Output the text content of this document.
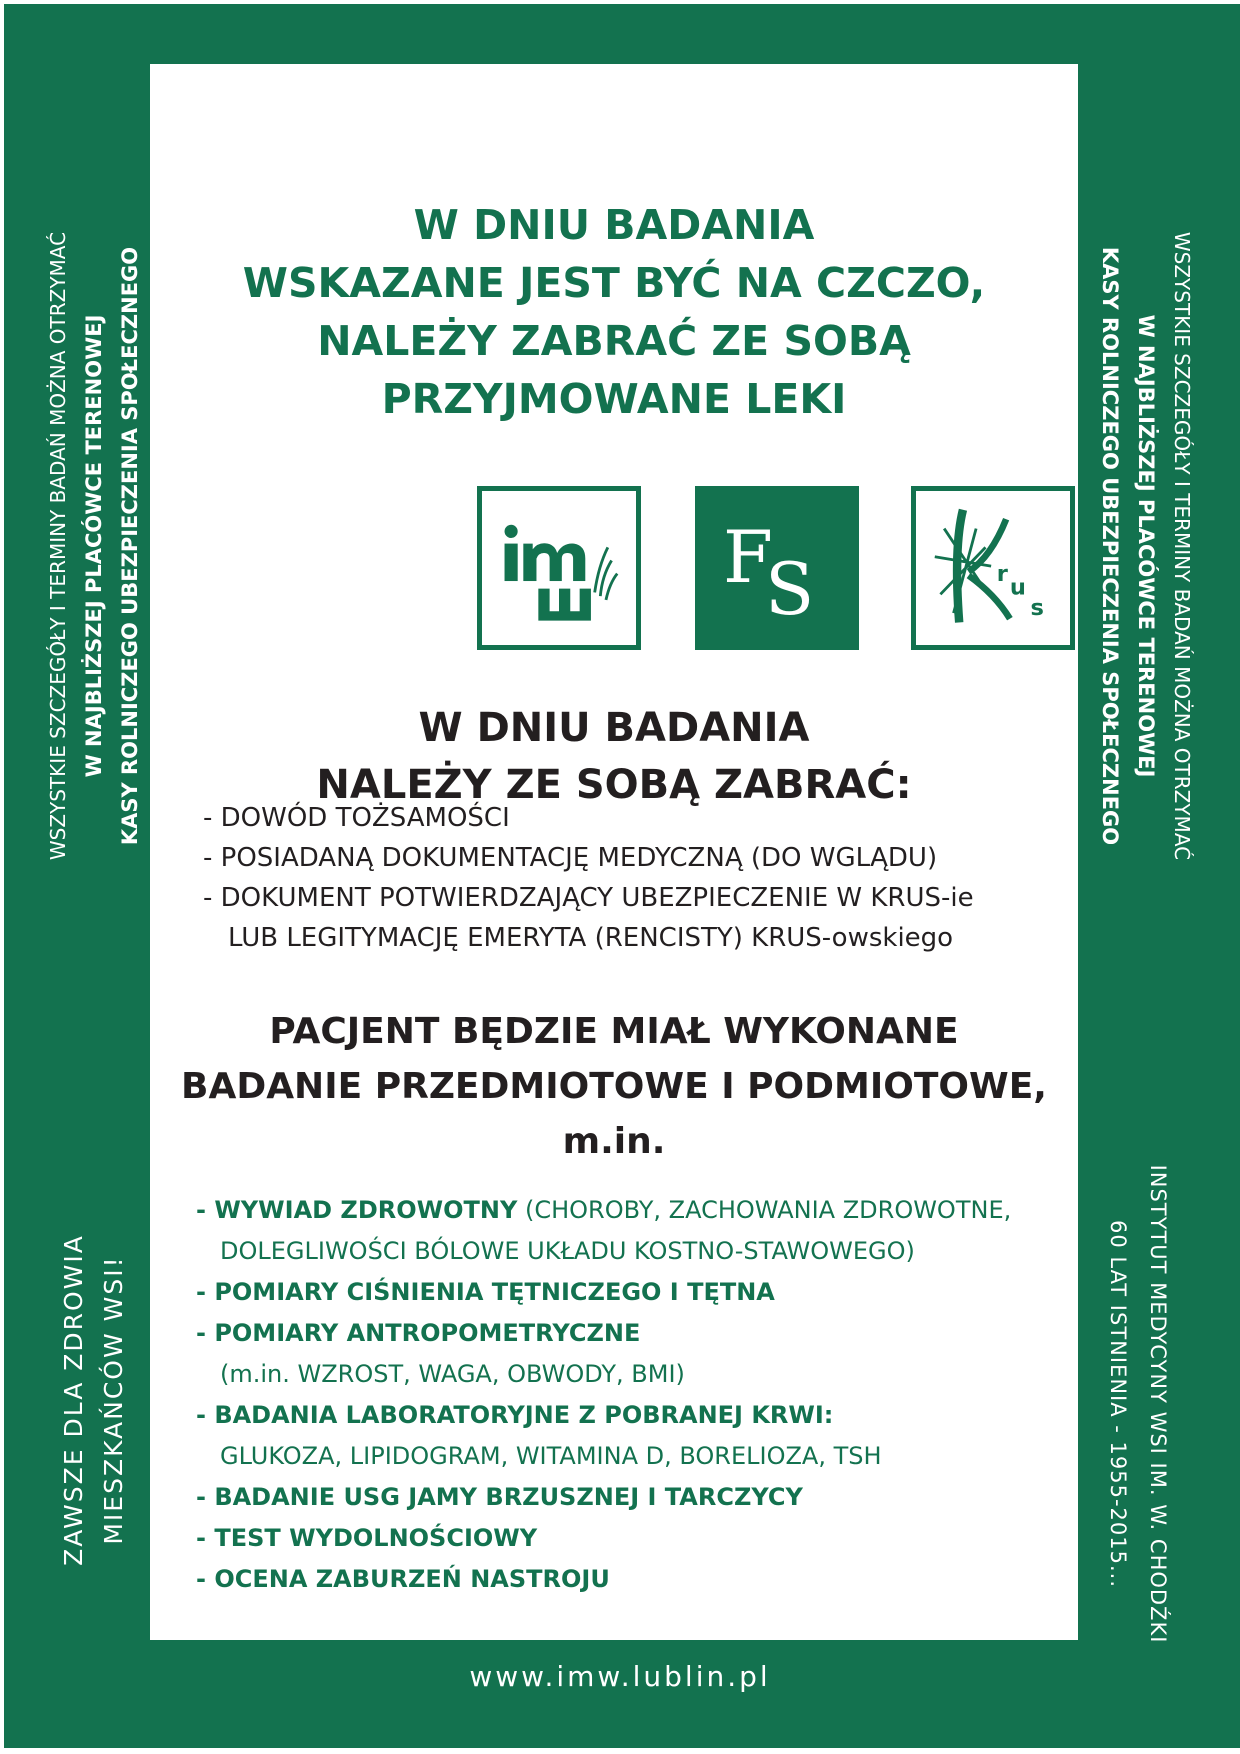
W DNIU BADANIA
WSKAZANE JEST BYĆ NA CZCZO,
NALEŻY ZABRAĆ ZE SOBĄ
PRZYJMOWANE LEKI
F
S	r
u
s
W DNIU BADANIA
NALEŻY ZE SOBĄ ZABRAĆ:
- DOWÓD TOŻSAMOŚCI
- POSIADANĄ DOKUMENTACJĘ MEDYCZNĄ (DO WGLĄDU)
- DOKUMENT POTWIERDZAJĄCY UBEZPIECZENIE W KRUS-ie
LUB LEGITYMACJĘ EMERYTA (RENCISTY) KRUS-owskiego
PACJENT BĘDZIE MIAŁ WYKONANE
BADANIE PRZEDMIOTOWE I PODMIOTOWE,
m.in.
- WYWIAD ZDROWOTNY (CHOROBY, ZACHOWANIA ZDROWOTNE,
DOLEGLIWOŚCI BÓLOWE UKŁADU KOSTNO-STAWOWEGO)
- POMIARY CIŚNIENIA TĘTNICZEGO I TĘTNA
- POMIARY ANTROPOMETRYCZNE
(m.in. WZROST, WAGA, OBWODY, BMI)
- BADANIA LABORATORYJNE Z POBRANEJ KRWI:
GLUKOZA, LIPIDOGRAM, WITAMINA D, BORELIOZA, TSH
- BADANIE USG JAMY BRZUSZNEJ I TARCZYCY
- TEST WYDOLNOŚCIOWY
- OCENA ZABURZEŃ NASTROJU
WSZYSTKIE SZCZEGÓŁY I TERMINY BADAŃ MOŻNA OTRZYMAĆ W NAJBLIŻSZEJ PLACÓWCE TERENOWEJ KASY ROLNICZEGO UBEZPIECZENIA SPOŁECZNEGO
ZAWSZE DLA ZDROWIA MIESZKAŃCÓW WSI!
WSZYSTKIE SZCZEGÓŁY I TERMINY BADAŃ MOŻNA OTRZYMAĆ
W NAJBLIŻSZEJ PLACÓWCE TERENOWEJ
KASY ROLNICZEGO UBEZPIECZENIA SPOŁECZNEGO
INSTYTUT MEDYCYNY WSI IM. W. CHODŹKI
60 LAT ISTNIENIA - 1955-2015...
www.imw.lublin.pl
